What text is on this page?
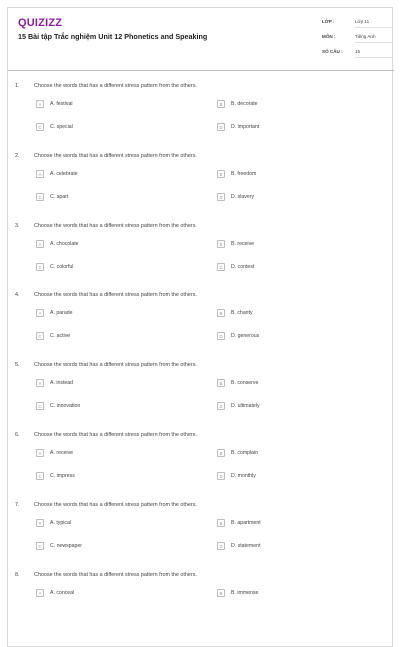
QUIZIZZ
15 Bài tập Trắc nghiệm Unit 12 Phonetics and Speaking
LỚP :	Lớp 11
MÔN :	Tiếng Anh
SỐ CÂU :	15
1.	Choose the words that has a different stress pattern from the others.
A	A. festival	B	B. decorate
C	C. special	D	D. important
2.	Choose the words that has a different stress pattern from the others.
A	A. celebrate	B	B. freedom
C	C. apart	D	D. slavery
3.	Choose the words that has a different stress pattern from the others.
A	A. chocolate	B	B. receive
C	C. colorful	D	D. contest
4.	Choose the words that has a different stress pattern from the others.
A	A. parade	B	B. charity
C	C. active	D	D. generous
5.	Choose the words that has a different stress pattern from the others.
A	A. instead	B	B. conserve
C	C. innovation	D	D. ultimately
6.	Choose the words that has a different stress pattern from the others.
A	A. receive	B	B. complain
C	C. impress	D	D. monthly
7.	Choose the words that has a different stress pattern from the others.
A	A. typical	B	B. apartment
C	C. newspaper	D	D. statement
8.	Choose the words that has a different stress pattern from the others.
A	A. conceal	B	B. immense
